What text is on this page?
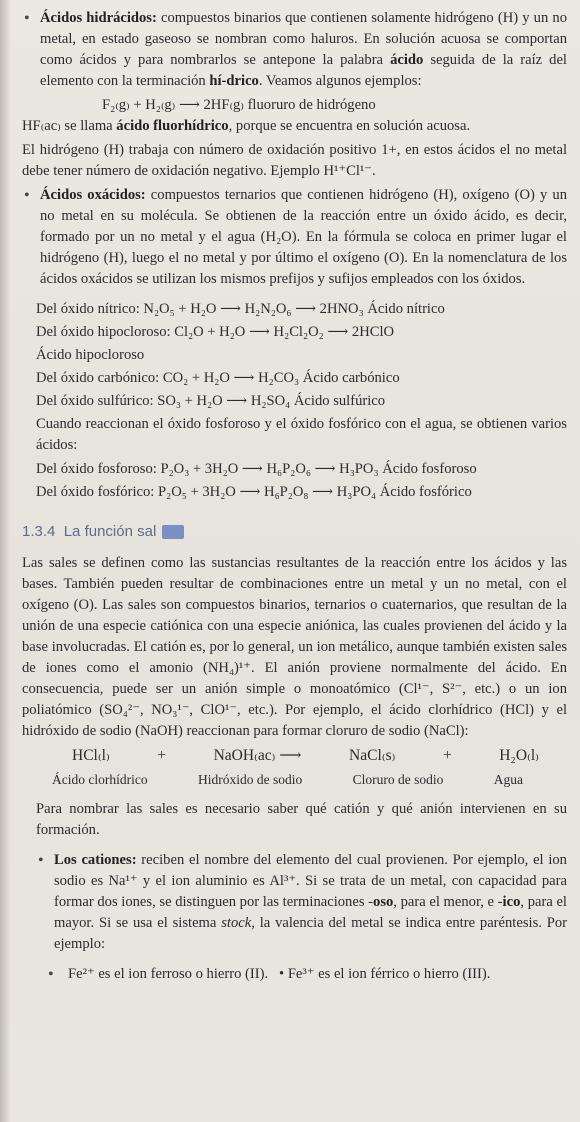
• Ácidos hidrácidos: compuestos binarios que contienen solamente hidrógeno (H) y un no metal, en estado gaseoso se nombran como haluros. En solución acuosa se comportan como ácidos y para nombrarlos se antepone la palabra ácido seguida de la raíz del elemento con la terminación hí-drico. Veamos algunos ejemplos:

F₂₍g₎ + H₂₍g₎ ⟶ 2HF₍g₎ fluoruro de hidrógeno

HF₍ac₎ se llama ácido fluorhídrico, porque se encuentra en solución acuosa.

El hidrógeno (H) trabaja con número de oxidación positivo 1+, en estos ácidos el no metal debe tener número de oxidación negativo. Ejemplo H¹⁺Cl¹⁻.

• Ácidos oxácidos: compuestos ternarios que contienen hidrógeno (H), oxígeno (O) y un no metal en su molécula. Se obtienen de la reacción entre un óxido ácido, es decir, formado por un no metal y el agua (H₂O). En la fórmula se coloca en primer lugar el hidrógeno (H), luego el no metal y por último el oxígeno (O). En la nomenclatura de los ácidos oxácidos se utilizan los mismos prefijos y sufijos empleados con los óxidos.

Del óxido nítrico: N₂O₅ + H₂O ⟶ H₂N₂O₆ ⟶ 2HNO₃ Ácido nítrico
Del óxido hipocloroso: Cl₂O + H₂O ⟶ H₂Cl₂O₂ ⟶ 2HClO
Ácido hipocloroso
Del óxido carbónico: CO₂ + H₂O ⟶ H₂CO₃ Ácido carbónico
Del óxido sulfúrico: SO₃ + H₂O ⟶ H₂SO₄ Ácido sulfúrico

Cuando reaccionan el óxido fosforoso y el óxido fosfórico con el agua, se obtienen varios ácidos:

Del óxido fosforoso: P₂O₃ + 3H₂O ⟶ H₆P₂O₆ ⟶ H₃PO₃ Ácido fosforoso
Del óxido fosfórico: P₂O₅ + 3H₂O ⟶ H₆P₂O₈ ⟶ H₃PO₄ Ácido fosfórico
1.3.4 La función sal

Las sales se definen como las sustancias resultantes de la reacción entre los ácidos y las bases. También pueden resultar de combinaciones entre un metal y un no metal, con el oxígeno (O). Las sales son compuestos binarios, ternarios o cuaternarios, que resultan de la unión de una especie catiónica con una especie aniónica, las cuales provienen del ácido y la base involucradas. El catión es, por lo general, un ion metálico, aunque también existen sales de iones como el amonio (NH₄)¹⁺. El anión proviene normalmente del ácido. En consecuencia, puede ser un anión simple o monoatómico (Cl¹⁻, S²⁻, etc.) o un ion poliatómico (SO₄²⁻, NO₃¹⁻, ClO¹⁻, etc.). Por ejemplo, el ácido clorhídrico (HCl) y el hidróxido de sodio (NaOH) reaccionan para formar cloruro de sodio (NaCl):

HCl₍l₎	+	NaOH₍ac₎ ⟶	NaCl₍s₎	+	H₂O₍l₎
Ácido clorhídrico	Hidróxido de sodio	Cloruro de sodio	Agua

Para nombrar las sales es necesario saber qué catión y qué anión intervienen en su formación.

• Los cationes: reciben el nombre del elemento del cual provienen. Por ejemplo, el ion sodio es Na¹⁺ y el ion aluminio es Al³⁺. Si se trata de un metal, con capacidad para formar dos iones, se distinguen por las terminaciones -oso, para el menor, e -ico, para el mayor. Si se usa el sistema stock, la valencia del metal se indica entre paréntesis. Por ejemplo:

• Fe²⁺ es el ion ferroso o hierro (II).   • Fe³⁺ es el ion férrico o hierro (III).
